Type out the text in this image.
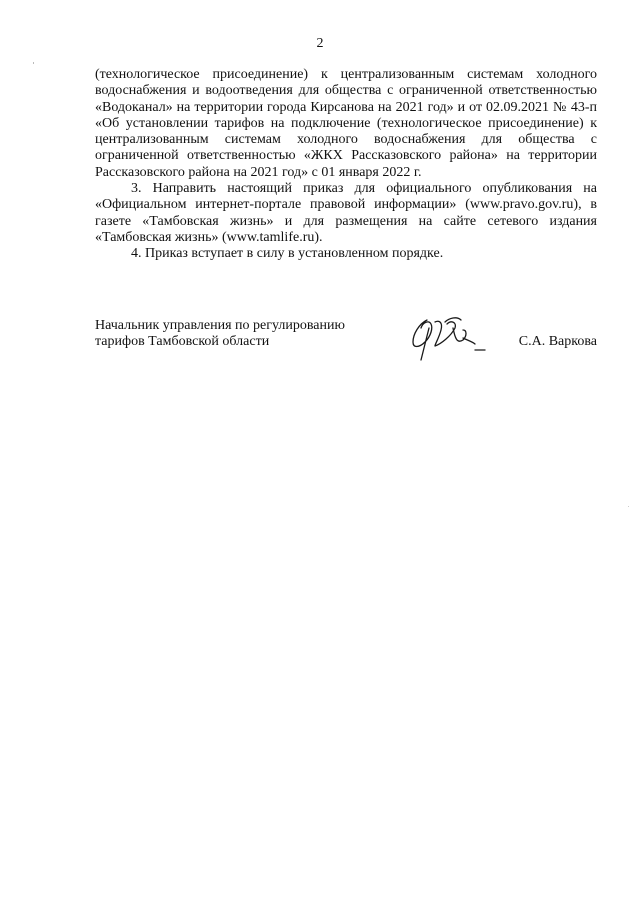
2

(технологическое присоединение) к централизованным системам холодного водоснабжения и водоотведения для общества с ограниченной ответственностью «Водоканал» на территории города Кирсанова на 2021 год» и от 02.09.2021 № 43-п «Об установлении тарифов на подключение (технологическое присоединение) к централизованным системам холодного водоснабжения для общества с ограниченной ответственностью «ЖКХ Рассказовского района» на территории Рассказовского района на 2021 год» с 01 января 2022 г.

3. Направить настоящий приказ для официального опубликования на «Официальном интернет-портале правовой информации» (www.pravo.gov.ru), в газете «Тамбовская жизнь» и для размещения на сайте сетевого издания «Тамбовская жизнь» (www.tamlife.ru).

4. Приказ вступает в силу в установленном порядке.

Начальник управления по регулированию
тарифов Тамбовской области	С.А. Варкова
